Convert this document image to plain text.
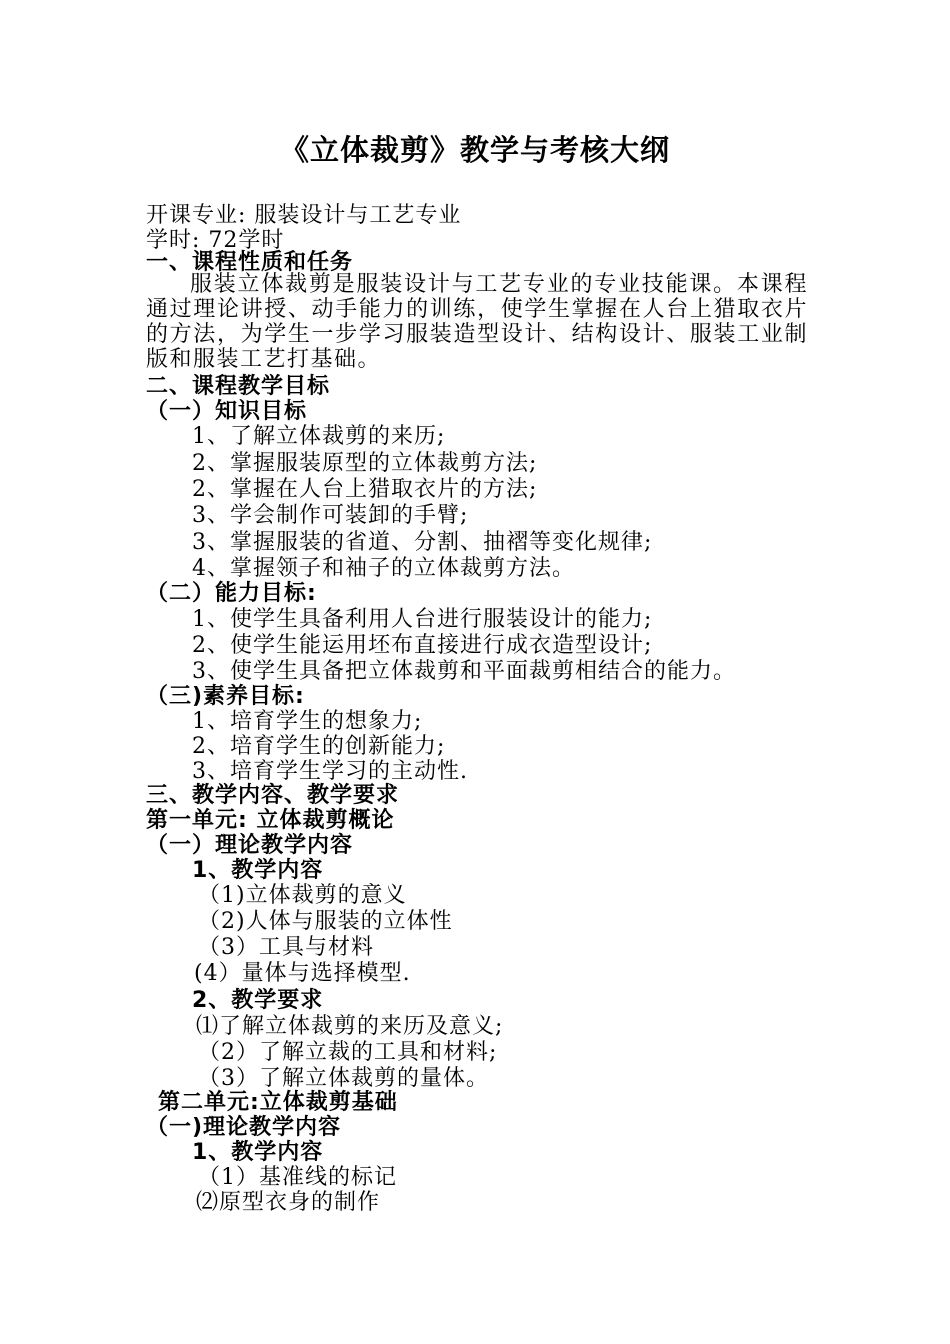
《立体裁剪》教学与考核大纲
开课专业: 服装设计与工艺专业
学时: 72学时
一、课程性质和任务
服装立体裁剪是服装设计与工艺专业的专业技能课。本课程通过理论讲授、动手能力的训练，使学生掌握在人台上猎取衣片的方法，为学生一步学习服装造型设计、结构设计、服装工业制版和服装工艺打基础。
二、课程教学目标
（一）知识目标
1、了解立体裁剪的来历;
2、掌握服装原型的立体裁剪方法;
2、掌握在人台上猎取衣片的方法;
3、学会制作可装卸的手臂;
3、掌握服装的省道、分割、抽褶等变化规律;
4、掌握领子和袖子的立体裁剪方法。
（二）能力目标:
1、使学生具备利用人台进行服装设计的能力;
2、使学生能运用坯布直接进行成衣造型设计;
3、使学生具备把立体裁剪和平面裁剪相结合的能力。
（三)素养目标:
1、培育学生的想象力;
2、培育学生的创新能力;
3、培育学生学习的主动性.
三、教学内容、教学要求
第一单元: 立体裁剪概论
（一）理论教学内容
1、教学内容
（1)立体裁剪的意义
（2)人体与服装的立体性
（3）工具与材料
(4）量体与选择模型.
2、教学要求
⑴了解立体裁剪的来历及意义;
（2）了解立裁的工具和材料;
（3）了解立体裁剪的量体。
第二单元:立体裁剪基础
（一)理论教学内容
1、教学内容
（1）基准线的标记
⑵原型衣身的制作
